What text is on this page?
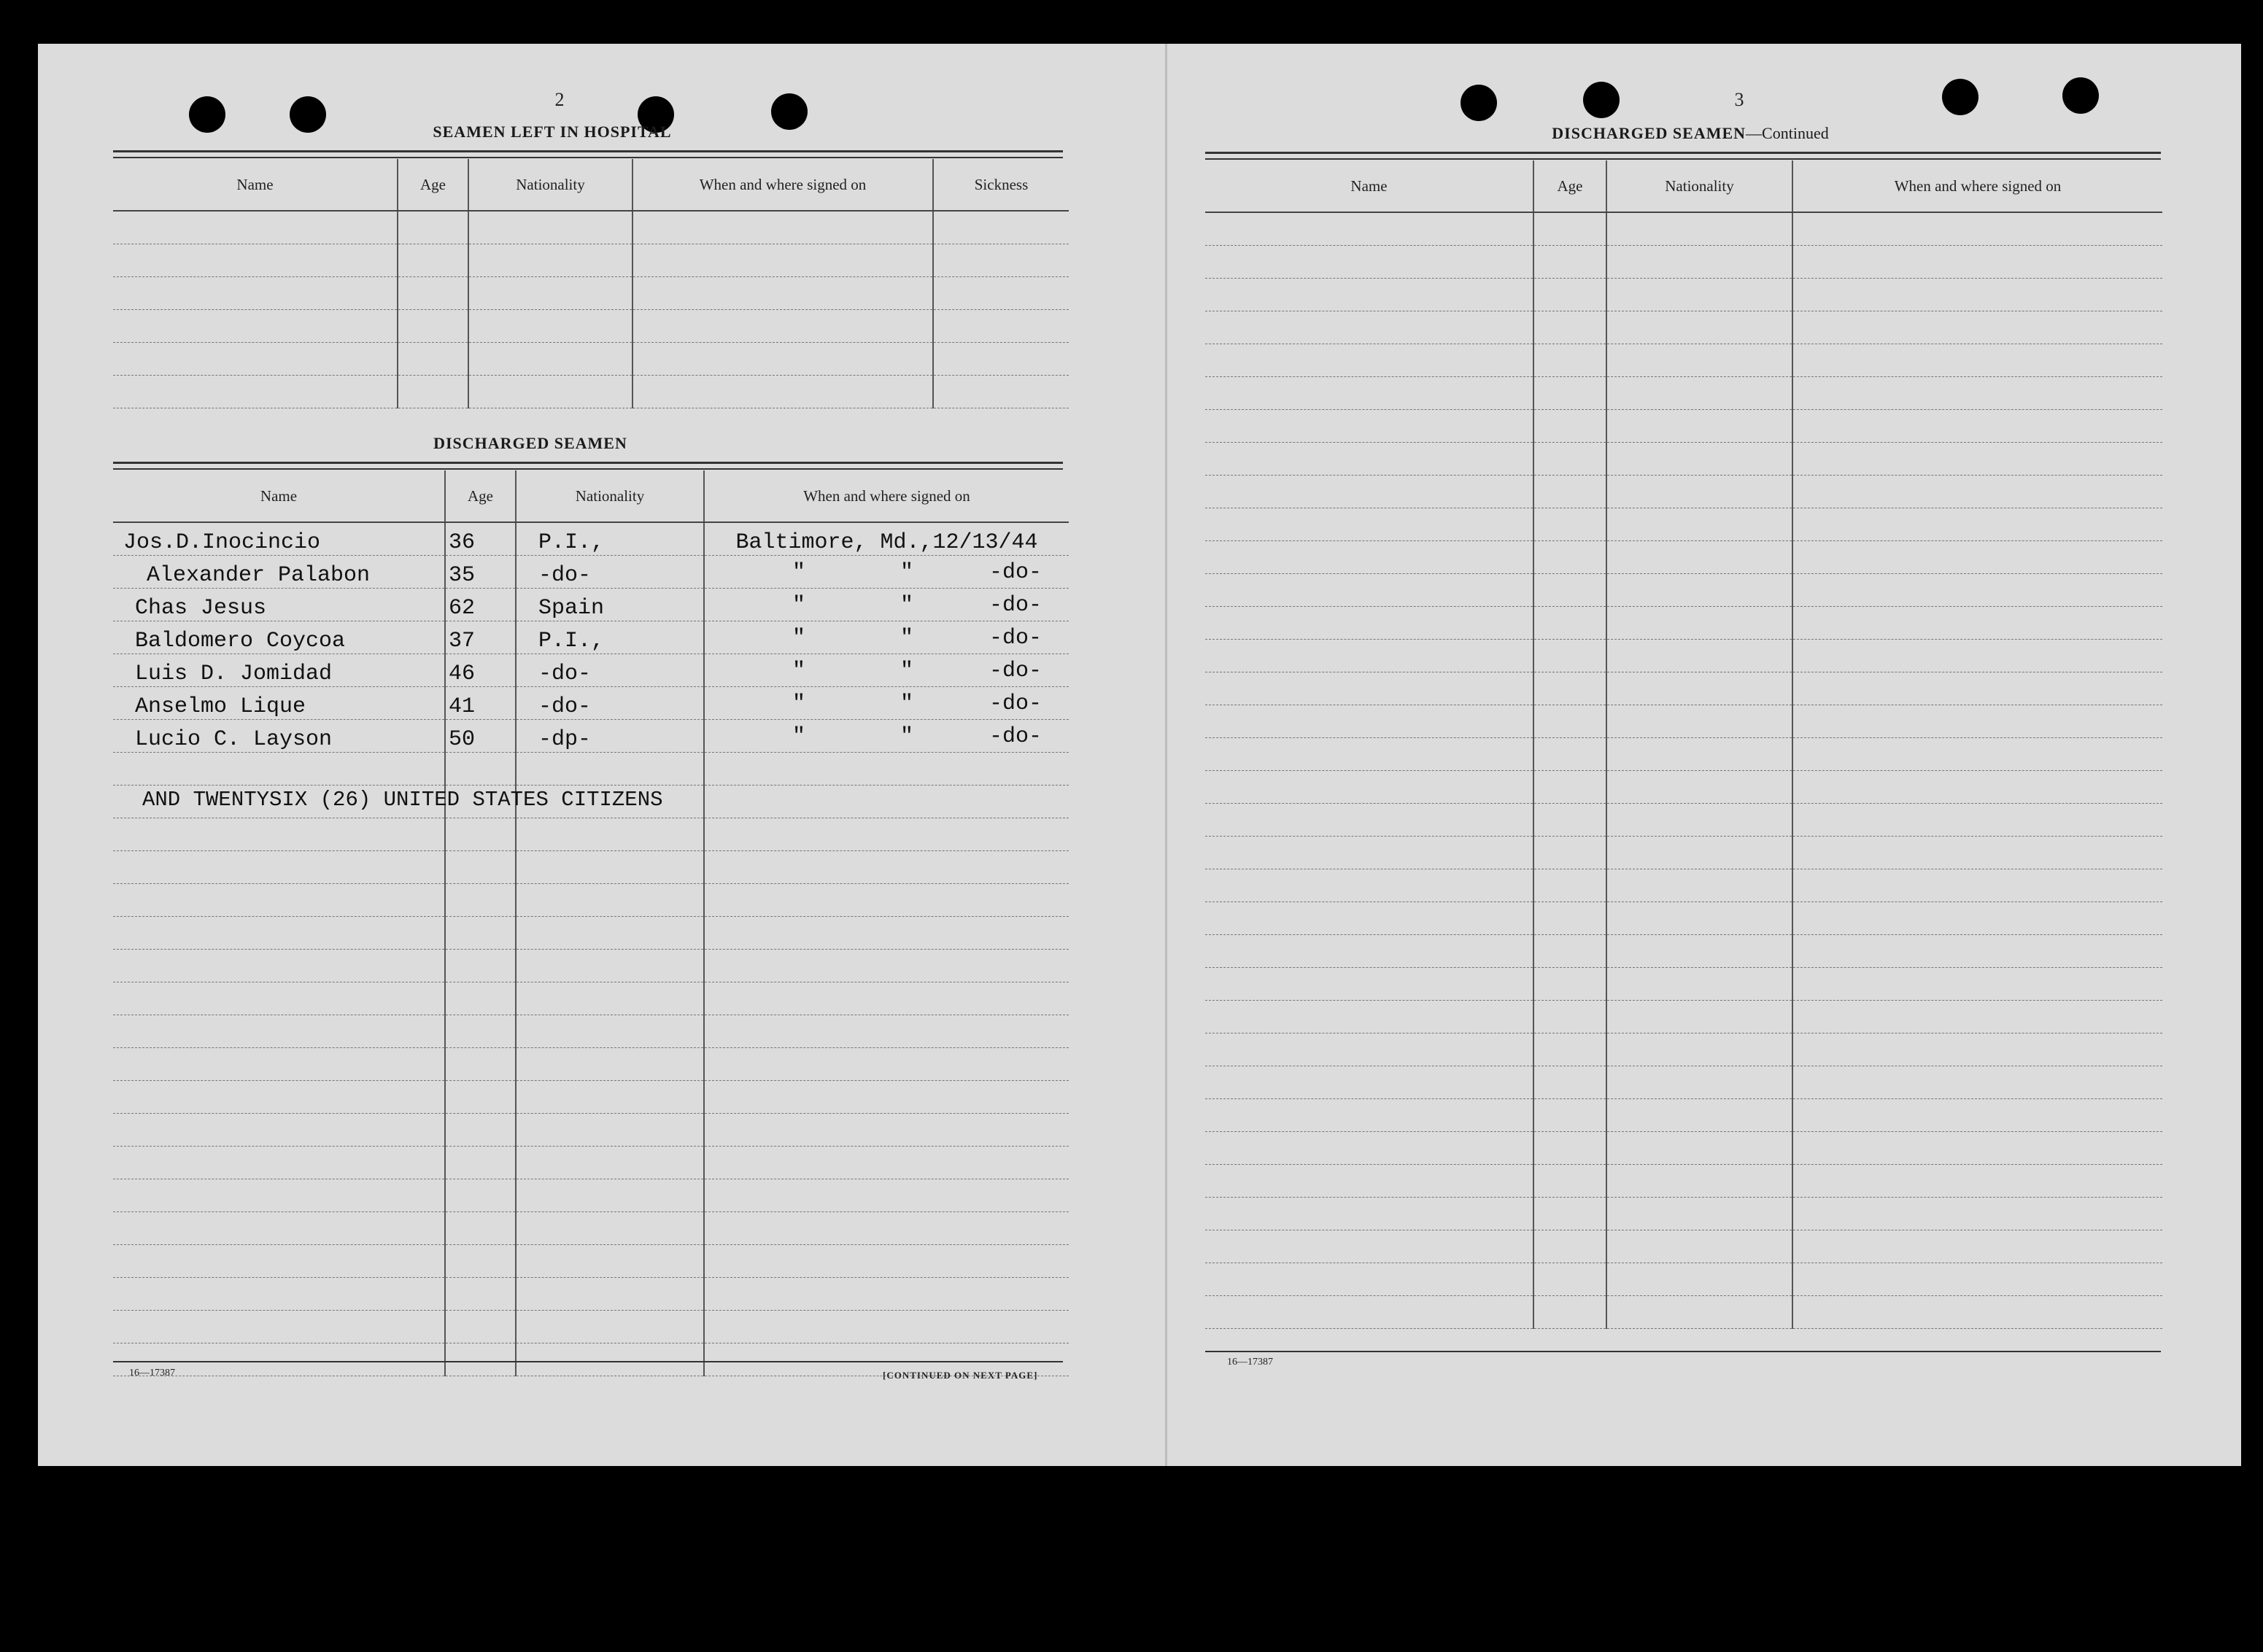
2
SEAMEN LEFT IN HOSPITAL
Name	Age	Nationality	When and where signed on	Sickness

DISCHARGED SEAMEN
Name	Age	Nationality	When and where signed on
Jos.D.Inocincio	36	P.I.,	Baltimore, Md.,12/13/44
Alexander Palabon	35	-do-	" " -do-

Chas Jesus	62	Spain	" " -do-

Baldomero Coycoa	37	P.I.,	" " -do-

Luis D. Jomidad	46	-do-	" " -do-

Anselmo Lique	41	-do-	" " -do-

Lucio C. Layson	50	-dp-	" " -do-

AND TWENTYSIX (26) UNITED STATES CITIZENS
16—17387	[CONTINUED ON NEXT PAGE]
3
DISCHARGED SEAMEN—Continued
Name	Age	Nationality	When and where signed on

16—17387
